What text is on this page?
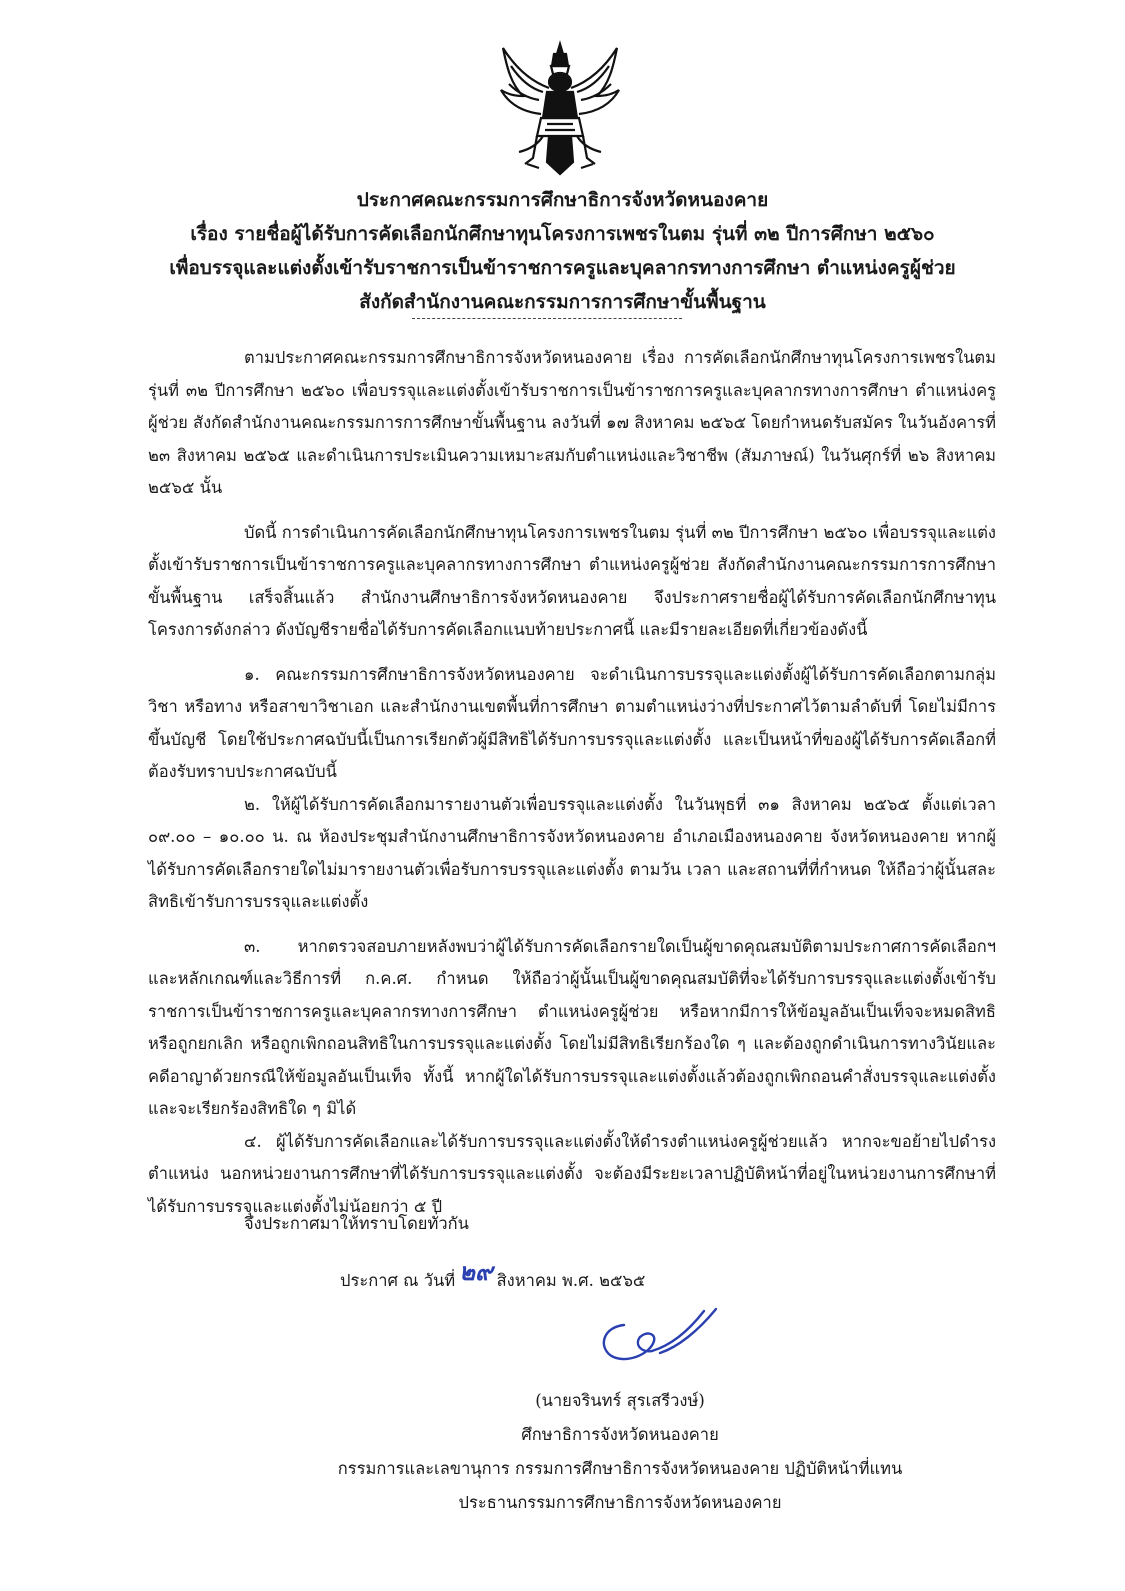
ประกาศคณะกรรมการศึกษาธิการจังหวัดหนองคาย
เรื่อง รายชื่อผู้ได้รับการคัดเลือกนักศึกษาทุนโครงการเพชรในตม รุ่นที่ ๓๒ ปีการศึกษา ๒๕๖๐
เพื่อบรรจุและแต่งตั้งเข้ารับราชการเป็นข้าราชการครูและบุคลากรทางการศึกษา ตำแหน่งครูผู้ช่วย
สังกัดสำนักงานคณะกรรมการการศึกษาขั้นพื้นฐาน

ตามประกาศคณะกรรมการศึกษาธิการจังหวัดหนองคาย เรื่อง การคัดเลือกนักศึกษาทุนโครงการเพชรในตม รุ่นที่ ๓๒ ปีการศึกษา ๒๕๖๐ เพื่อบรรจุและแต่งตั้งเข้ารับราชการเป็นข้าราชการครูและบุคลากรทางการศึกษา ตำแหน่งครูผู้ช่วย สังกัดสำนักงานคณะกรรมการการศึกษาขั้นพื้นฐาน ลงวันที่ ๑๗ สิงหาคม ๒๕๖๕ โดยกำหนดรับสมัคร ในวันอังคารที่ ๒๓ สิงหาคม ๒๕๖๕ และดำเนินการประเมินความเหมาะสมกับตำแหน่งและวิชาชีพ (สัมภาษณ์) ในวันศุกร์ที่ ๒๖ สิงหาคม ๒๕๖๕ นั้น

บัดนี้ การดำเนินการคัดเลือกนักศึกษาทุนโครงการเพชรในตม รุ่นที่ ๓๒ ปีการศึกษา ๒๕๖๐ เพื่อบรรจุและแต่งตั้งเข้ารับราชการเป็นข้าราชการครูและบุคลากรทางการศึกษา ตำแหน่งครูผู้ช่วย สังกัดสำนักงานคณะกรรมการการศึกษาขั้นพื้นฐาน เสร็จสิ้นแล้ว สำนักงานศึกษาธิการจังหวัดหนองคาย จึงประกาศรายชื่อผู้ได้รับการคัดเลือกนักศึกษาทุนโครงการดังกล่าว ดังบัญชีรายชื่อได้รับการคัดเลือกแนบท้ายประกาศนี้ และมีรายละเอียดที่เกี่ยวข้องดังนี้

๑. คณะกรรมการศึกษาธิการจังหวัดหนองคาย จะดำเนินการบรรจุและแต่งตั้งผู้ได้รับการคัดเลือกตามกลุ่มวิชา หรือทาง หรือสาขาวิชาเอก และสำนักงานเขตพื้นที่การศึกษา ตามตำแหน่งว่างที่ประกาศไว้ตามลำดับที่ โดยไม่มีการขึ้นบัญชี โดยใช้ประกาศฉบับนี้เป็นการเรียกตัวผู้มีสิทธิได้รับการบรรจุและแต่งตั้ง และเป็นหน้าที่ของผู้ได้รับการคัดเลือกที่ต้องรับทราบประกาศฉบับนี้

๒. ให้ผู้ได้รับการคัดเลือกมารายงานตัวเพื่อบรรจุและแต่งตั้ง ในวันพุธที่ ๓๑ สิงหาคม ๒๕๖๕ ตั้งแต่เวลา ๐๙.๐๐ – ๑๐.๐๐ น. ณ ห้องประชุมสำนักงานศึกษาธิการจังหวัดหนองคาย อำเภอเมืองหนองคาย จังหวัดหนองคาย หากผู้ได้รับการคัดเลือกรายใดไม่มารายงานตัวเพื่อรับการบรรจุและแต่งตั้ง ตามวัน เวลา และสถานที่ที่กำหนด ให้ถือว่าผู้นั้นสละสิทธิเข้ารับการบรรจุและแต่งตั้ง

๓. หากตรวจสอบภายหลังพบว่าผู้ได้รับการคัดเลือกรายใดเป็นผู้ขาดคุณสมบัติตามประกาศการคัดเลือกฯ และหลักเกณฑ์และวิธีการที่ ก.ค.ศ. กำหนด ให้ถือว่าผู้นั้นเป็นผู้ขาดคุณสมบัติที่จะได้รับการบรรจุและแต่งตั้งเข้ารับราชการเป็นข้าราชการครูและบุคลากรทางการศึกษา ตำแหน่งครูผู้ช่วย หรือหากมีการให้ข้อมูลอันเป็นเท็จจะหมดสิทธิ หรือถูกยกเลิก หรือถูกเพิกถอนสิทธิในการบรรจุและแต่งตั้ง โดยไม่มีสิทธิเรียกร้องใด ๆ และต้องถูกดำเนินการทางวินัยและคดีอาญาด้วยกรณีให้ข้อมูลอันเป็นเท็จ ทั้งนี้ หากผู้ใดได้รับการบรรจุและแต่งตั้งแล้วต้องถูกเพิกถอนคำสั่งบรรจุและแต่งตั้ง และจะเรียกร้องสิทธิใด ๆ มิได้

๔. ผู้ได้รับการคัดเลือกและได้รับการบรรจุและแต่งตั้งให้ดำรงตำแหน่งครูผู้ช่วยแล้ว หากจะขอย้ายไปดำรงตำแหน่ง นอกหน่วยงานการศึกษาที่ได้รับการบรรจุและแต่งตั้ง จะต้องมีระยะเวลาปฏิบัติหน้าที่อยู่ในหน่วยงานการศึกษาที่ได้รับการบรรจุและแต่งตั้งไม่น้อยกว่า ๕ ปี

จึงประกาศมาให้ทราบโดยทั่วกัน
ประกาศ ณ วันที่ ๒๙ สิงหาคม พ.ศ. ๒๕๖๕
(นายจรินทร์ สุรเสรีวงษ์)
ศึกษาธิการจังหวัดหนองคาย
กรรมการและเลขานุการ กรรมการศึกษาธิการจังหวัดหนองคาย ปฏิบัติหน้าที่แทน
ประธานกรรมการศึกษาธิการจังหวัดหนองคาย
